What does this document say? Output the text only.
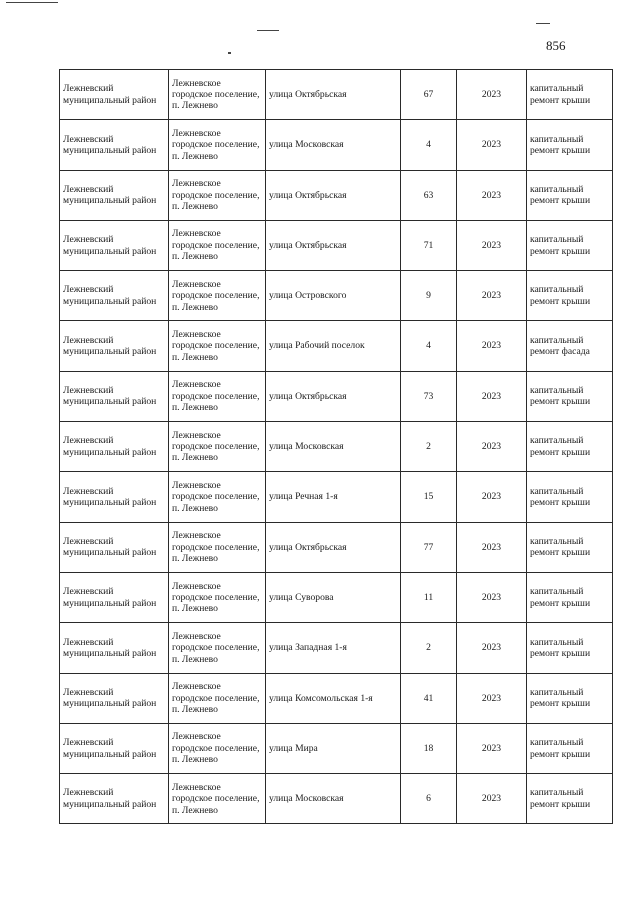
856
Лежневский муниципальный район	Лежневское городское поселение, п. Лежнево	улица Октябрьская	67	2023	капитальный ремонт крыши
Лежневский муниципальный район	Лежневское городское поселение, п. Лежнево	улица Московская	4	2023	капитальный ремонт крыши
Лежневский муниципальный район	Лежневское городское поселение, п. Лежнево	улица Октябрьская	63	2023	капитальный ремонт крыши
Лежневский муниципальный район	Лежневское городское поселение, п. Лежнево	улица Октябрьская	71	2023	капитальный ремонт крыши
Лежневский муниципальный район	Лежневское городское поселение, п. Лежнево	улица Островского	9	2023	капитальный ремонт крыши
Лежневский муниципальный район	Лежневское городское поселение, п. Лежнево	улица Рабочий поселок	4	2023	капитальный ремонт фасада
Лежневский муниципальный район	Лежневское городское поселение, п. Лежнево	улица Октябрьская	73	2023	капитальный ремонт крыши
Лежневский муниципальный район	Лежневское городское поселение, п. Лежнево	улица Московская	2	2023	капитальный ремонт крыши
Лежневский муниципальный район	Лежневское городское поселение, п. Лежнево	улица Речная 1-я	15	2023	капитальный ремонт крыши
Лежневский муниципальный район	Лежневское городское поселение, п. Лежнево	улица Октябрьская	77	2023	капитальный ремонт крыши
Лежневский муниципальный район	Лежневское городское поселение, п. Лежнево	улица Суворова	11	2023	капитальный ремонт крыши
Лежневский муниципальный район	Лежневское городское поселение, п. Лежнево	улица Западная 1-я	2	2023	капитальный ремонт крыши
Лежневский муниципальный район	Лежневское городское поселение, п. Лежнево	улица Комсомольская 1-я	41	2023	капитальный ремонт крыши
Лежневский муниципальный район	Лежневское городское поселение, п. Лежнево	улица Мира	18	2023	капитальный ремонт крыши
Лежневский муниципальный район	Лежневское городское поселение, п. Лежнево	улица Московская	6	2023	капитальный ремонт крыши
